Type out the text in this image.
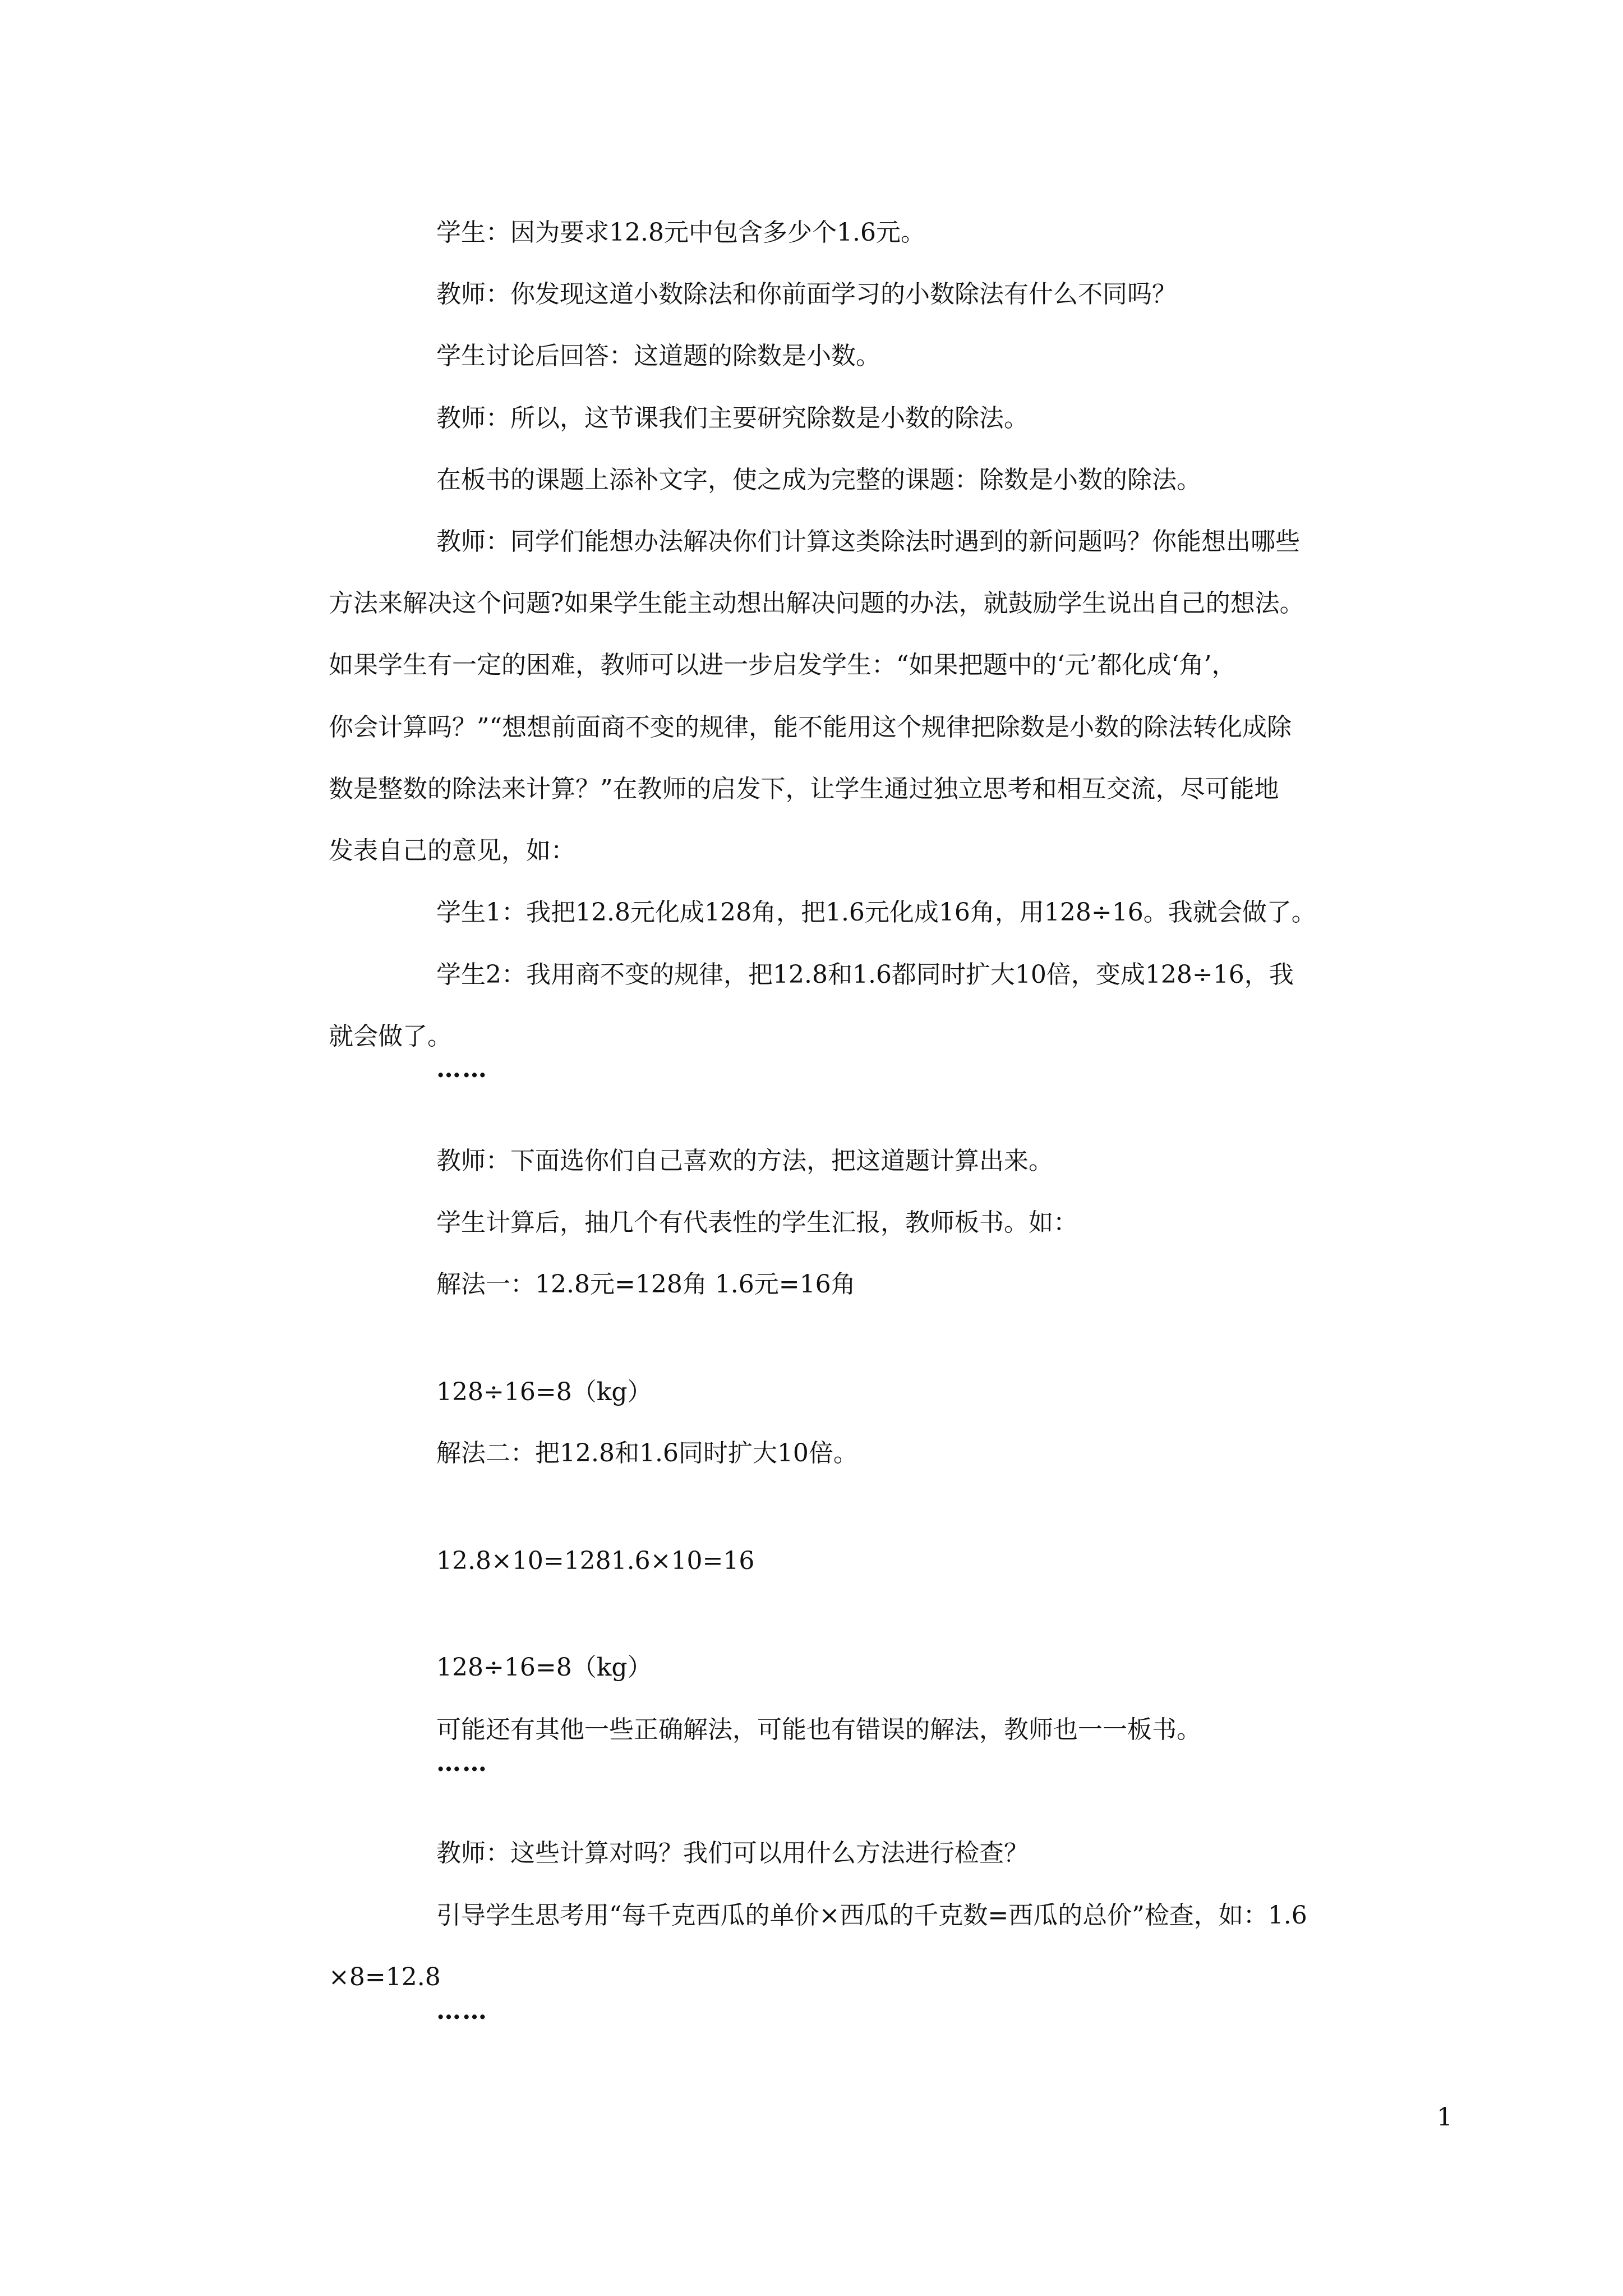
学生：因为要求12.8元中包含多少个1.6元。

教师：你发现这道小数除法和你前面学习的小数除法有什么不同吗？

学生讨论后回答：这道题的除数是小数。

教师：所以，这节课我们主要研究除数是小数的除法。

在板书的课题上添补文字，使之成为完整的课题：除数是小数的除法。

教师：同学们能想办法解决你们计算这类除法时遇到的新问题吗？你能想出哪些

方法来解决这个问题?如果学生能主动想出解决问题的办法，就鼓励学生说出自己的想法。

如果学生有一定的困难，教师可以进一步启发学生：“如果把题中的‘元’都化成‘角’，

你会计算吗？”“想想前面商不变的规律，能不能用这个规律把除数是小数的除法转化成除

数是整数的除法来计算？”在教师的启发下，让学生通过独立思考和相互交流，尽可能地

发表自己的意见，如：

学生1：我把12.8元化成128角，把1.6元化成16角，用128÷16。我就会做了。

学生2：我用商不变的规律，把12.8和1.6都同时扩大10倍，变成128÷16，我

就会做了。

……

教师：下面选你们自己喜欢的方法，把这道题计算出来。

学生计算后，抽几个有代表性的学生汇报，教师板书。如：

解法一：12.8元=128角 1.6元=16角

128÷16=8（kg）

解法二：把12.8和1.6同时扩大10倍。

12.8×10=1281.6×10=16

128÷16=8（kg）

可能还有其他一些正确解法，可能也有错误的解法，教师也一一板书。

……

教师：这些计算对吗？我们可以用什么方法进行检查？

引导学生思考用“每千克西瓜的单价×西瓜的千克数=西瓜的总价”检查，如：1.6

×8=12.8

……

1
